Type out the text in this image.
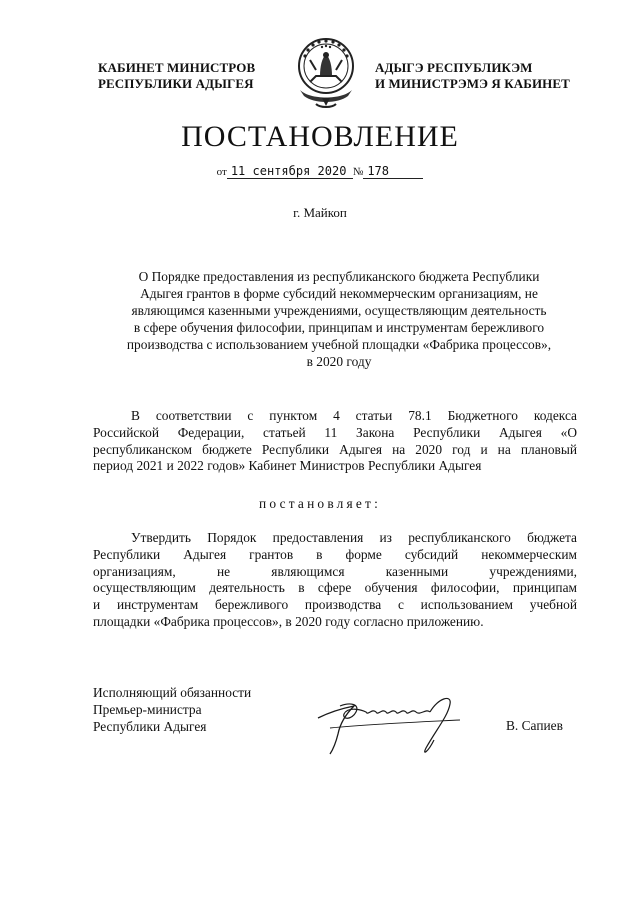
КАБИНЕТ МИНИСТРОВ
РЕСПУБЛИКИ АДЫГЕЯ
АДЫГЭ РЕСПУБЛИКЭМ
И МИНИСТРЭМЭ Я КАБИНЕТ
ПОСТАНОВЛЕНИЕ
от 11 сентября 2020 № 178
г. Майкоп
О Порядке предоставления из республиканского бюджета Республики
Адыгея грантов в форме субсидий некоммерческим организациям, не
являющимся казенными учреждениями, осуществляющим деятельность
в сфере обучения философии, принципам и инструментам бережливого
производства с использованием учебной площадки «Фабрика процессов»,
в 2020 году
В соответствии с пунктом 4 статьи 78.1 Бюджетного кодекса
Российской Федерации, статьей 11 Закона Республики Адыгея «О
республиканском бюджете Республики Адыгея на 2020 год и на плановый
период 2021 и 2022 годов» Кабинет Министров Республики Адыгея
постановляет:
Утвердить Порядок предоставления из республиканского бюджета
Республики Адыгея грантов в форме субсидий некоммерческим
организациям, не являющимся казенными учреждениями,
осуществляющим деятельность в сфере обучения философии, принципам
и инструментам бережливого производства с использованием учебной
площадки «Фабрика процессов», в 2020 году согласно приложению.
Исполняющий обязанности
Премьер-министра
Республики Адыгея	В. Сапиев
